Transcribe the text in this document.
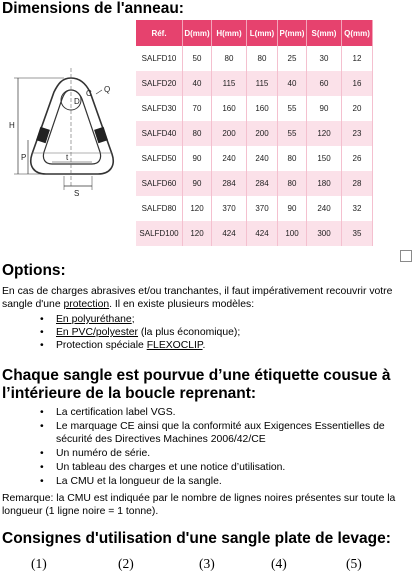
Dimensions de l'anneau:
H
P
D
C Q
t
S
Réf.	D(mm)	H(mm)	L(mm)	P(mm)	S(mm)	Q(mm)
SALFD10	50	80	80	25	30	12
SALFD20	40	115	115	40	60	16
SALFD30	70	160	160	55	90	20
SALFD40	80	200	200	55	120	23
SALFD50	90	240	240	80	150	26
SALFD60	90	284	284	80	180	28
SALFD80	120	370	370	90	240	32
SALFD100	120	424	424	100	300	35
Options:
En cas de charges abrasives et/ou tranchantes, il faut impérativement recouvrir votre sangle d'une protection. Il en existe plusieurs modèles:
• En polyuréthane;
• En PVC/polyester (la plus économique);
• Protection spéciale FLEXOCLIP.
Chaque sangle est pourvue d’une étiquette cousue à
l’intérieure de la boucle reprenant:
• La certification label VGS.
• Le marquage CE ainsi que la conformité aux Exigences Essentielles de sécurité des Directives Machines 2006/42/CE
• Un numéro de série.
• Un tableau des charges et une notice d’utilisation.
• La CMU et la longueur de la sangle.
Remarque: la CMU est indiquée par le nombre de lignes noires présentes sur toute la longueur (1 ligne noire = 1 tonne).
Consignes d'utilisation d'une sangle plate de levage:
(1)	(2)	(3)	(4)	(5)
